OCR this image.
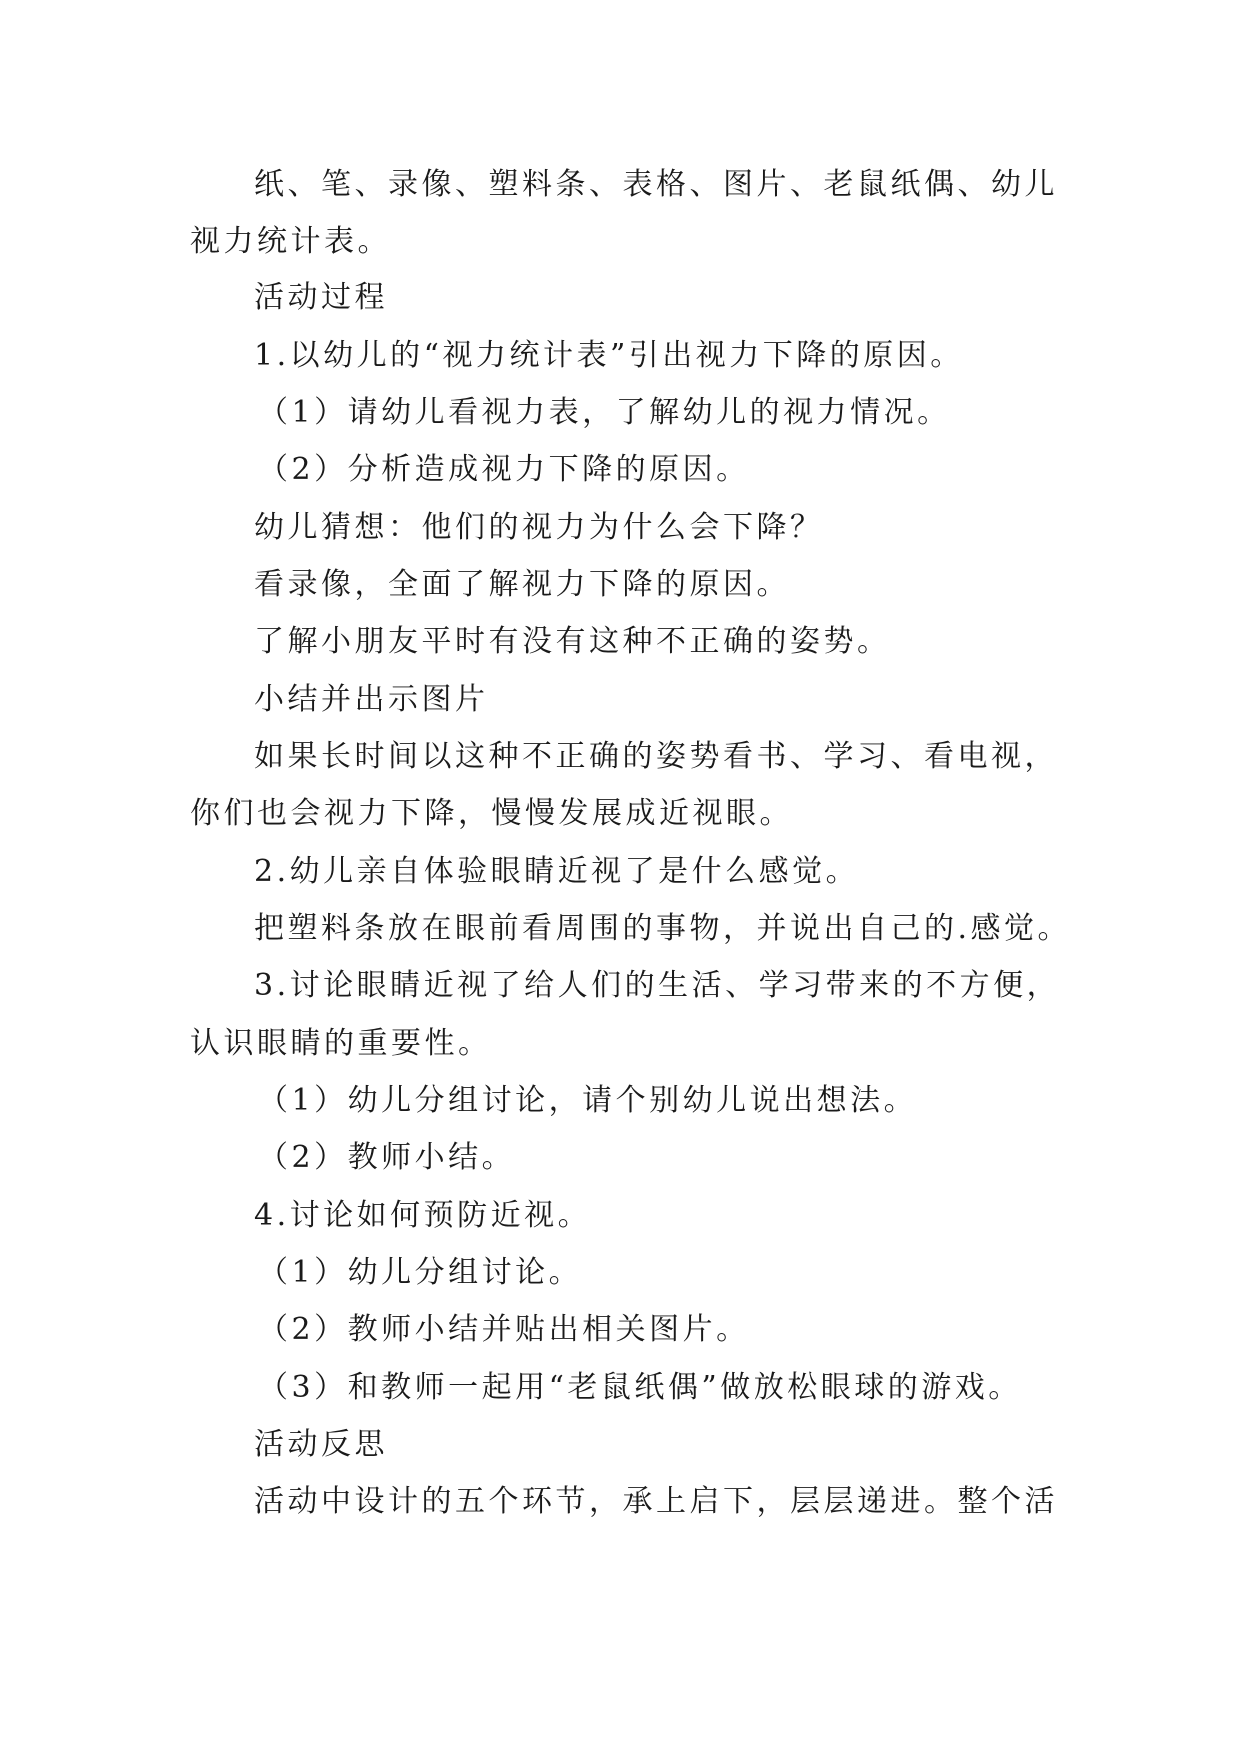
纸、笔、录像、塑料条、表格、图片、老鼠纸偶、幼儿

视力统计表。

活动过程

1.以幼儿的“视力统计表”引出视力下降的原因。

（1）请幼儿看视力表，了解幼儿的视力情况。

（2）分析造成视力下降的原因。

幼儿猜想：他们的视力为什么会下降？

看录像，全面了解视力下降的原因。

了解小朋友平时有没有这种不正确的姿势。

小结并出示图片

如果长时间以这种不正确的姿势看书、学习、看电视，

你们也会视力下降，慢慢发展成近视眼。

2.幼儿亲自体验眼睛近视了是什么感觉。

把塑料条放在眼前看周围的事物，并说出自己的.感觉。

3.讨论眼睛近视了给人们的生活、学习带来的不方便，

认识眼睛的重要性。

（1）幼儿分组讨论，请个别幼儿说出想法。

（2）教师小结。

4.讨论如何预防近视。

（1）幼儿分组讨论。

（2）教师小结并贴出相关图片。

（3）和教师一起用“老鼠纸偶”做放松眼球的游戏。

活动反思

活动中设计的五个环节，承上启下，层层递进。整个活
